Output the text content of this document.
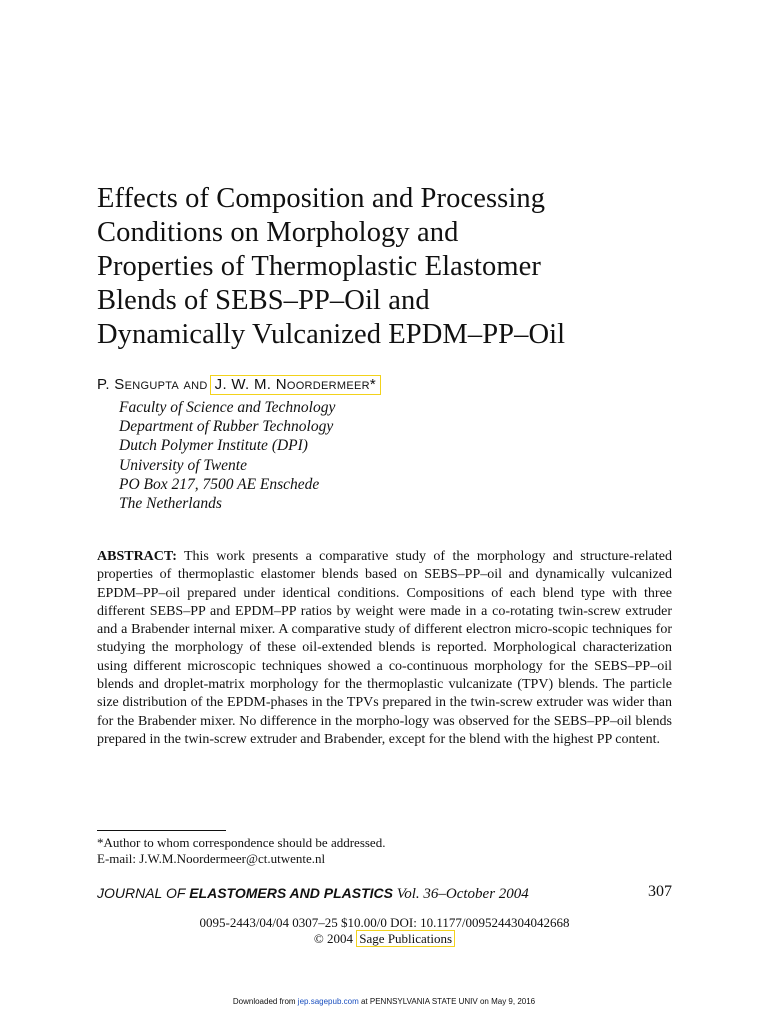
Effects of Composition and Processing
Conditions on Morphology and
Properties of Thermoplastic Elastomer
Blends of SEBS–PP–Oil and
Dynamically Vulcanized EPDM–PP–Oil
P. Sengupta and J. W. M. Noordermeer*
Faculty of Science and Technology
Department of Rubber Technology
Dutch Polymer Institute (DPI)
University of Twente
PO Box 217, 7500 AE Enschede
The Netherlands

ABSTRACT: This work presents a comparative study of the morphology and structure-related properties of thermoplastic elastomer blends based on SEBS–PP–oil and dynamically vulcanized EPDM–PP–oil prepared under identical conditions. Compositions of each blend type with three different SEBS–PP and EPDM–PP ratios by weight were made in a co-rotating twin-screw extruder and a Brabender internal mixer. A comparative study of different electron micro-scopic techniques for studying the morphology of these oil-extended blends is reported. Morphological characterization using different microscopic techniques showed a co-continuous morphology for the SEBS–PP–oil blends and droplet-matrix morphology for the thermoplastic vulcanizate (TPV) blends. The particle size distribution of the EPDM-phases in the TPVs prepared in the twin-screw extruder was wider than for the Brabender mixer. No difference in the morpho-logy was observed for the SEBS–PP–oil blends prepared in the twin-screw extruder and Brabender, except for the blend with the highest PP content.

*Author to whom correspondence should be addressed.
E-mail: J.W.M.Noordermeer@ct.utwente.nl
JOURNAL OF ELASTOMERS AND PLASTICS Vol. 36–October 2004	307
0095-2443/04/04 0307–25 $10.00/0 DOI: 10.1177/0095244304042668
© 2004 Sage Publications
Downloaded from jep.sagepub.com at PENNSYLVANIA STATE UNIV on May 9, 2016
